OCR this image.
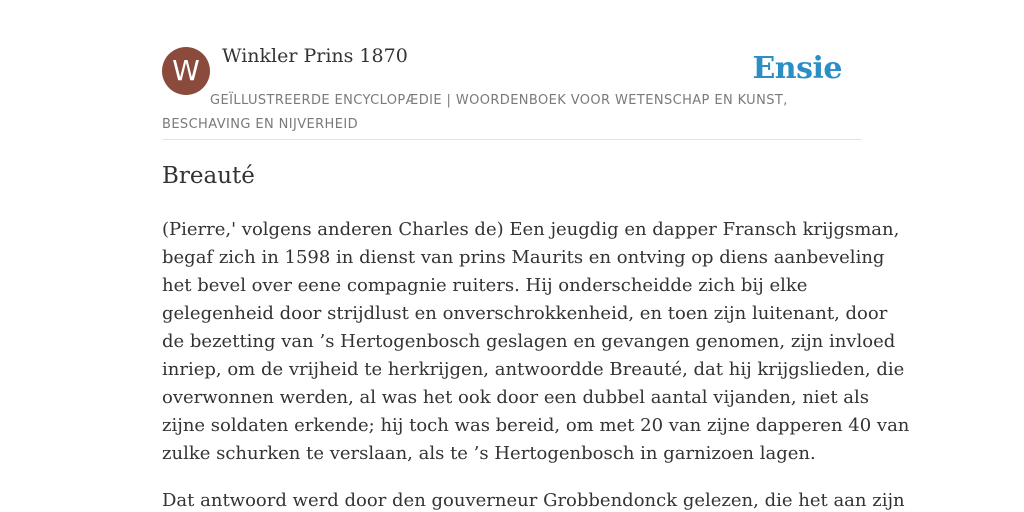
W	Winkler Prins 1870	Ensie
GEÏLLUSTREERDE ENCYCLOPÆDIE | WOORDENBOEK VOOR WETENSCHAP EN KUNST, BESCHAVING EN NIJVERHEID
Breauté

(Pierre,' volgens anderen Charles de) Een jeugdig en dapper Fransch krijgsman,
begaf zich in 1598 in dienst van prins Maurits en ontving op diens aanbeveling
het bevel over eene compagnie ruiters. Hij onderscheidde zich bij elke
gelegenheid door strijdlust en onverschrokkenheid, en toen zijn luitenant, door
de bezetting van ’s Hertogenbosch geslagen en gevangen genomen, zijn invloed
inriep, om de vrijheid te herkrijgen, antwoordde Breauté, dat hij krijgslieden, die
overwonnen werden, al was het ook door een dubbel aantal vijanden, niet als
zijne soldaten erkende; hij toch was bereid, om met 20 van zijne dapperen 40 van
zulke schurken te verslaan, als te ’s Hertogenbosch in garnizoen lagen.

Dat antwoord werd door den gouverneur Grobbendonck gelezen, die het aan zijn
